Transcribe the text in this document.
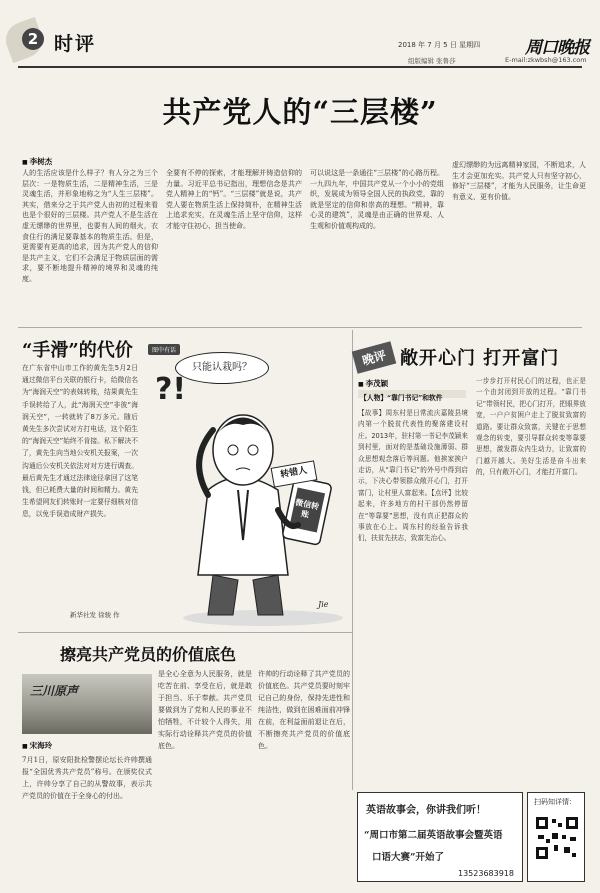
2 时评	2018 年 7 月 5 日 星期四	周口晚报
组版编辑 张鲁莎	E-mail:zkwbsh@163.com
共产党人的“三层楼”
■ 李树杰
人的生活应该是什么样子？有人分之为三个层次：一是物质生活，二是精神生活，三是灵魂生活，并形象地称之为“人生三层楼”。其实，借来分之于共产党人由初的过程来看也是个很好的三层楼。共产党人不是生活在虚无缥缈的世界里，也要有人间的烟火，衣食住行的满足要靠基本的物质生活。但是，更需要有更高的追求，因为共产党人的信仰是共产主义，它们不会满足于物质层面的需求，要不断地提升精神的境界和灵魂的纯度。
全要有不停的探索，才能理解并铸造信仰的力量。习近平总书记指出，理想信念是共产党人精神上的“钙”。“三层楼”就是说，共产党人要在物质生活上保持简朴，在精神生活上追求充实，在灵魂生活上坚守信仰，这样才能守住初心、担当使命。
可以说这是一条通往“三层楼”的心路历程。一九四九年，中国共产党从一个小小的党组织，发展成为领导全国人民的执政党，靠的就是坚定的信仰和崇高的理想。“精神，靠心灵的建筑”，灵魂是由正确的世界观、人生观和价值观构成的。
虚幻缥缈的为远离精神家园，不断追求，人生才会更加充实。共产党人只有坚守初心，修好“三层楼”，才能为人民服务，让生命更有意义、更有价值。
“手滑”的代价	图中有话
在广东省中山市工作的黄先生5月2日通过微信平台关联的银行卡，给微信名为“海润天空”的表妹转账，结果黄先生手误转给了人，此“海润天空”非彼“海润天空”，一转就转了8万多元。随后黄先生多次尝试对方打电话，这个陌生的“海润天空”始终不肯接。私下解决不了，黄先生向当地公安机关报案，一次沟通后公安机关依法对对方进行调查。最后黄先生才通过法律途径拿回了这笔钱，但已耗费大量的时间和精力。黄先生希望网友们转账时一定要仔细核对信息，以免手误造成财产损失。
新华社发 徐骏 作
只能认栽吗？
?!
转错人
微信转账
Jie
晚评 敞开心门 打开富门
■ 李茂颖
【人物】“靠门书记”和软件
【故事】周东村是日常流庆嘉陵县境内第一个脱贫代表性的聚落建设村庄。2013年，驻村第一书记李茂颖来到村里，面对的是基础设施薄弱、群众思想观念落后等问题。他挨家挨户走访，从“靠门书记”的外号中得到启示，下决心带领群众敞开心门，打开富门，让村里人富起来。【点评】比较起来，许多地方的村干部仍然停留在“等靠要”思想，没有真正把群众的事放在心上。周东村的经验告诉我们，扶贫先扶志，致富先治心。
一步步打开村民心门的过程，也正是一个由封闭到开放的过程。“靠门书记”带领村民，把心门打开，把眼界放宽，一户户贫困户走上了脱贫致富的道路。要让群众致富，关键在于思想观念的转变，要引导群众转变等靠要思想，激发群众内生动力，让致富的门越开越大。美好生活是奋斗出来的，只有敞开心门，才能打开富门。
擦亮共产党员的价值底色
三川原声
■ 宋海玲
7月1日，原安阳批检警摆论坛长许帅撰通报“全国优秀共产党员”称号。在颁奖仪式上，许帅分享了自己的从警故事，表示共产党员的价值在于全身心的付出。
是全心全意为人民服务，就是吃苦在前、享受在后，就是敢于担当、乐于奉献。共产党员要做到为了党和人民的事业不怕牺牲，不计较个人得失，用实际行动诠释共产党员的价值底色。
许帅的行动诠释了共产党员的价值底色。共产党员要时刻牢记自己的身份，保持先进性和纯洁性，做到在困难面前冲锋在前，在利益面前退让在后，不断擦亮共产党员的价值底色。
英语故事会，你讲我们听！
“周口市第二届英语故事会暨英语
口语大赛”开始了
13523683918
扫码知详情：
